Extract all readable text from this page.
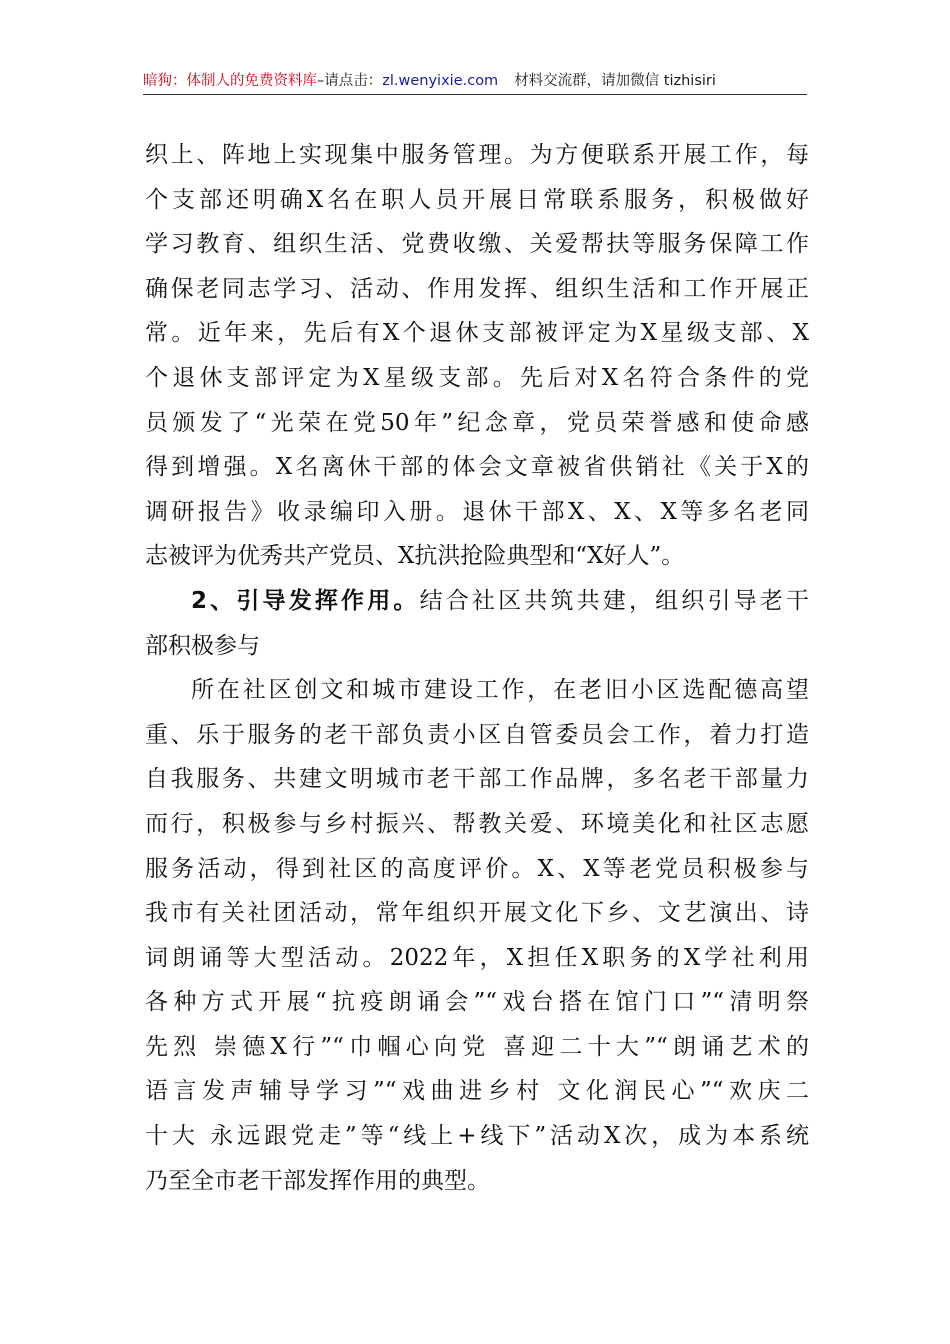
暗狗：体制人的免费资料库–请点击：zl.wenyixie.com 材料交流群，请加微信 tizhisiri
织上、阵地上实现集中服务管理。为方便联系开展工作，每
个支部还明确X名在职人员开展日常联系服务，积极做好
学习教育、组织生活、党费收缴、关爱帮扶等服务保障工作
确保老同志学习、活动、作用发挥、组织生活和工作开展正
常。近年来，先后有X个退休支部被评定为X星级支部、X
个退休支部评定为X星级支部。先后对X名符合条件的党
员颁发了“光荣在党50年”纪念章，党员荣誉感和使命感
得到增强。X名离休干部的体会文章被省供销社《关于X的
调研报告》收录编印入册。退休干部X、X、X等多名老同
志被评为优秀共产党员、X抗洪抢险典型和“X好人”。
2、引导发挥作用。结合社区共筑共建，组织引导老干
部积极参与
所在社区创文和城市建设工作，在老旧小区选配德高望
重、乐于服务的老干部负责小区自管委员会工作，着力打造
自我服务、共建文明城市老干部工作品牌，多名老干部量力
而行，积极参与乡村振兴、帮教关爱、环境美化和社区志愿
服务活动，得到社区的高度评价。X、X等老党员积极参与
我市有关社团活动，常年组织开展文化下乡、文艺演出、诗
词朗诵等大型活动。2022年，X担任X职务的X学社利用
各种方式开展“抗疫朗诵会”“戏台搭在馆门口”“清明祭
先烈 崇德X行”“巾帼心向党 喜迎二十大”“朗诵艺术的
语言发声辅导学习”“戏曲进乡村 文化润民心”“欢庆二
十大 永远跟党走”等“线上+线下”活动X次，成为本系统
乃至全市老干部发挥作用的典型。
